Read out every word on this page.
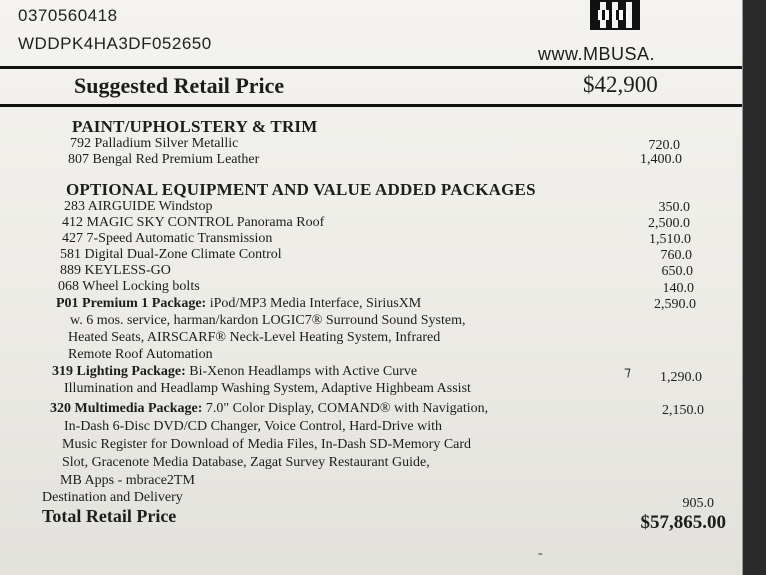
0370560418
WDDPK4HA3DF052650
www.MBUSA.
Suggested Retail Price	$42,900
PAINT/UPHOLSTERY & TRIM
792 Palladium Silver Metallic	720.0
807 Bengal Red Premium Leather	1,400.0
OPTIONAL EQUIPMENT AND VALUE ADDED PACKAGES
283 AIRGUIDE Windstop	350.0
412 MAGIC SKY CONTROL Panorama Roof	2,500.0
427 7-Speed Automatic Transmission	1,510.0
581 Digital Dual-Zone Climate Control	760.0
889 KEYLESS-GO	650.0
068 Wheel Locking bolts	140.0
P01 Premium 1 Package: iPod/MP3 Media Interface, SiriusXM	2,590.0
w. 6 mos. service, harman/kardon LOGIC7® Surround Sound System,
Heated Seats, AIRSCARF® Neck-Level Heating System, Infrared
Remote Roof Automation
319 Lighting Package: Bi-Xenon Headlamps with Active Curve	⁊	1,290.0
Illumination and Headlamp Washing System, Adaptive Highbeam Assist
320 Multimedia Package: 7.0" Color Display, COMAND® with Navigation,	2,150.0
In-Dash 6-Disc DVD/CD Changer, Voice Control, Hard-Drive with
Music Register for Download of Media Files, In-Dash SD-Memory Card
Slot, Gracenote Media Database, Zagat Survey Restaurant Guide,
MB Apps - mbrace2TM
Destination and Delivery	905.0
Total Retail Price	$57,865.00
-
